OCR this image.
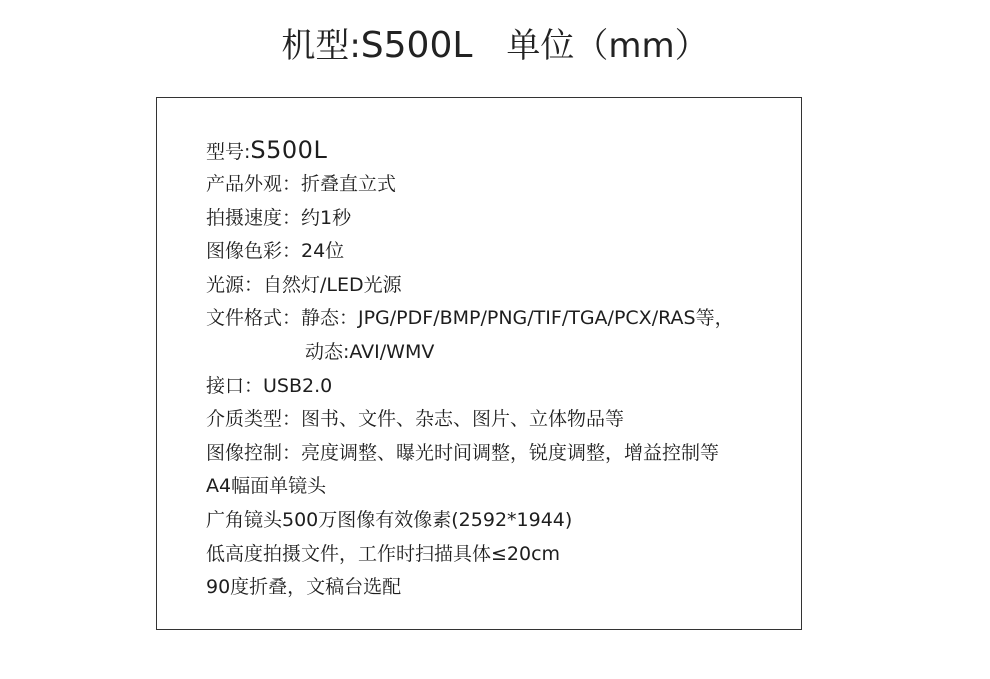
机型:S500L 单位（mm）
型号:S500L
产品外观：折叠直立式
拍摄速度：约1秒
图像色彩：24位
光源：自然灯/LED光源
文件格式：静态：JPG/PDF/BMP/PNG/TIF/TGA/PCX/RAS等，
动态:AVI/WMV
接口：USB2.0
介质类型：图书、文件、杂志、图片、立体物品等
图像控制：亮度调整、曝光时间调整，锐度调整，增益控制等
A4幅面单镜头
广角镜头500万图像有效像素(2592*1944)
低高度拍摄文件，工作时扫描具体≤20cm
90度折叠，文稿台选配
